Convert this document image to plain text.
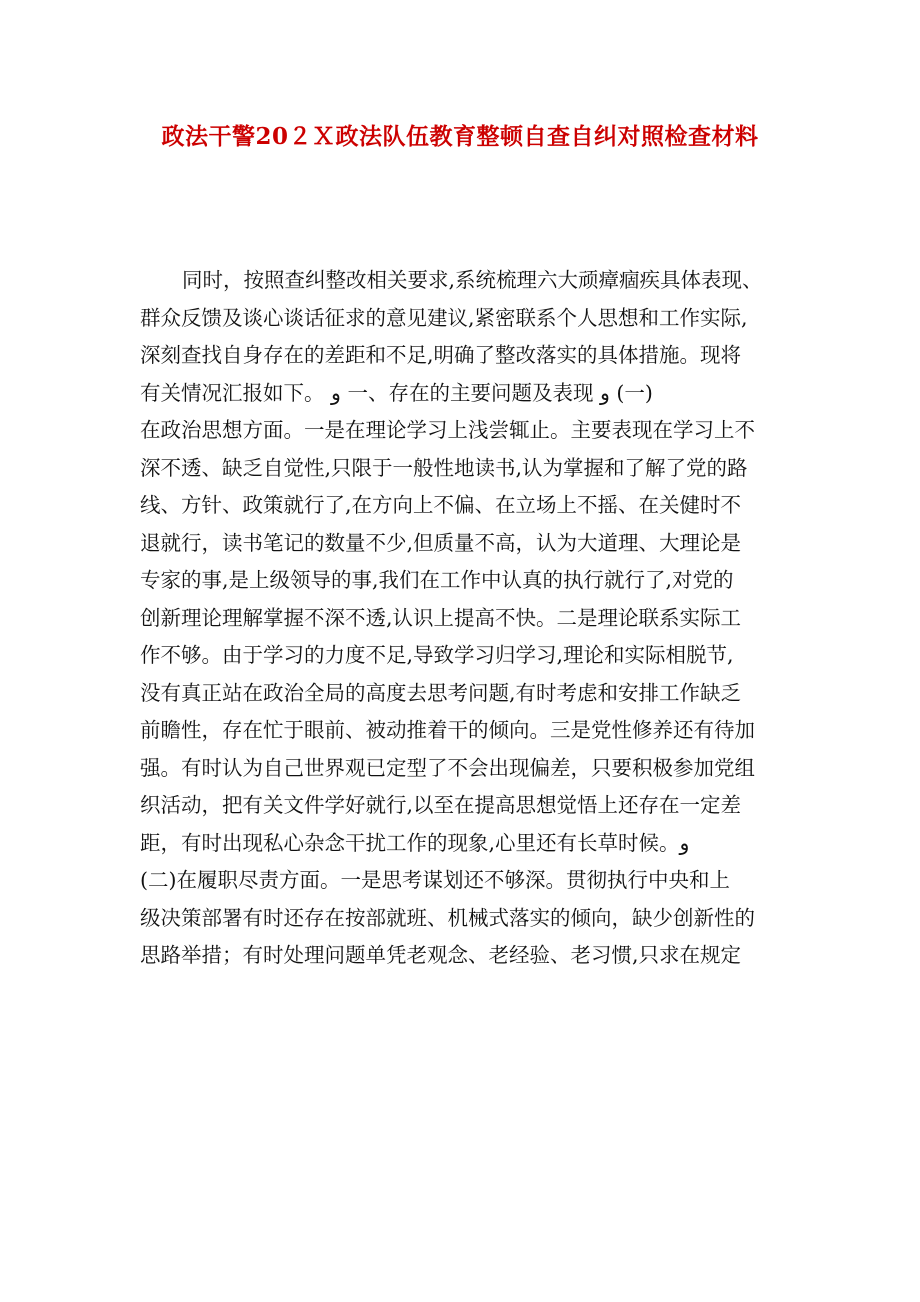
政法干警20２Ｘ政法队伍教育整顿自查自纠对照检查材料
同时，按照查纠整改相关要求,系统梳理六大顽瘴痼疾具体表现、
群众反馈及谈心谈话征求的意见建议,紧密联系个人思想和工作实际,
深刻查找自身存在的差距和不足,明确了整改落实的具体措施。现将
有关情况汇报如下。﻿ و 一、存在的主要问题及表现﻿ و (一)
在政治思想方面。一是在理论学习上浅尝辄止。主要表现在学习上不
深不透、缺乏自觉性,只限于一般性地读书,认为掌握和了解了党的路
线、方针、政策就行了,在方向上不偏、在立场上不摇、在关健时不
退就行，读书笔记的数量不少,但质量不高，认为大道理、大理论是
专家的事,是上级领导的事,我们在工作中认真的执行就行了,对党的
创新理论理解掌握不深不透,认识上提高不快。二是理论联系实际工
作不够。由于学习的力度不足,导致学习归学习,理论和实际相脱节,
没有真正站在政治全局的高度去思考问题,有时考虑和安排工作缺乏
前瞻性，存在忙于眼前、被动推着干的倾向。三是党性修养还有待加
强。有时认为自己世界观已定型了不会出现偏差，只要积极参加党组
织活动，把有关文件学好就行,以至在提高思想觉悟上还存在一定差
距，有时出现私心杂念干扰工作的现象,心里还有长草时候。و
(二)在履职尽责方面。一是思考谋划还不够深。贯彻执行中央和上
级决策部署有时还存在按部就班、机械式落实的倾向，缺少创新性的
思路举措；有时处理问题单凭老观念、老经验、老习惯,只求在规定
